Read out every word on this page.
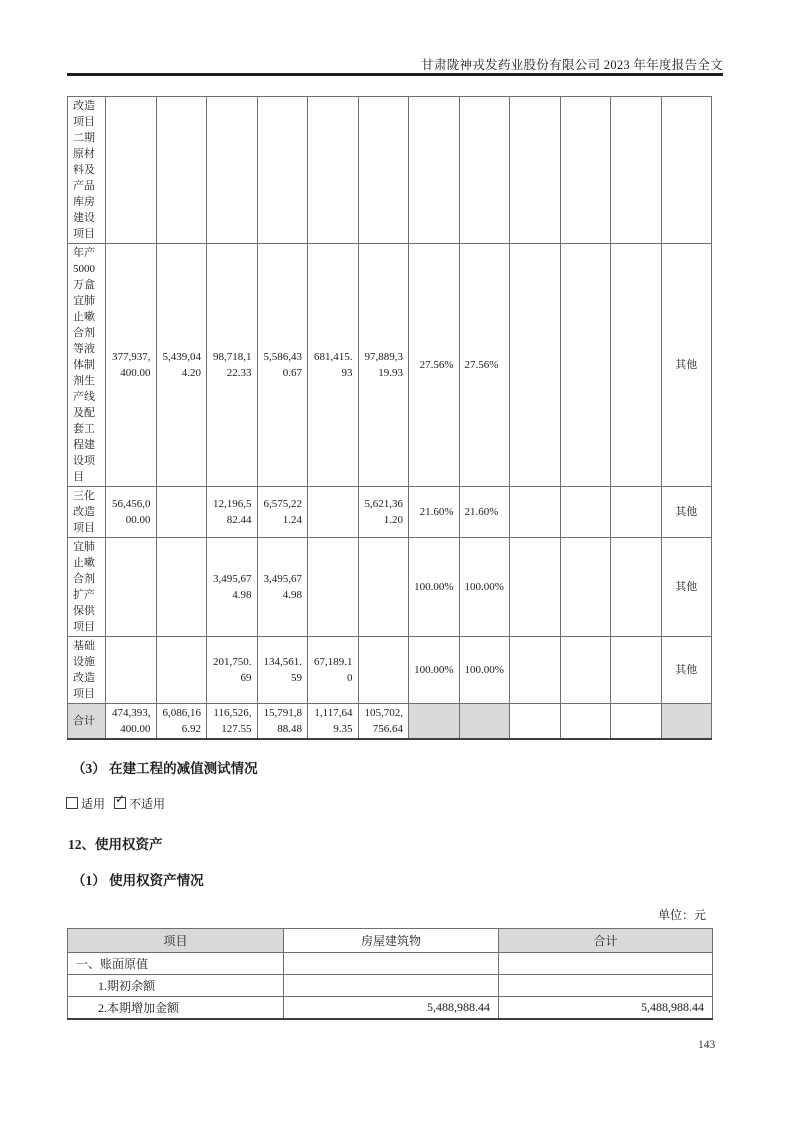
甘肃陇神戎发药业股份有限公司 2023 年年度报告全文
改造项目二期原材料及产品库房建设项目												
年产5000万盒宜肺止嗽合剂等液体制剂生产线及配套工程建设项目	377,937,400.00	5,439,044.20	98,718,122.33	5,586,430.67	681,415.93	97,889,319.93	27.56%	27.56%				其他
三化改造项目	56,456,000.00		12,196,582.44	6,575,221.24		5,621,361.20	21.60%	21.60%				其他
宜肺止嗽合剂扩产保供项目			3,495,674.98	3,495,674.98			100.00%	100.00%				其他
基础设施改造项目			201,750.69	134,561.59	67,189.10		100.00%	100.00%				其他
合计	474,393,400.00	6,086,166.92	116,526,127.55	15,791,888.48	1,117,649.35	105,702,756.64						
（3） 在建工程的减值测试情况
适用 ✓ 不适用
12、使用权资产
（1） 使用权资产情况
单位：元
项目	房屋建筑物	合计
一、账面原值		
1.期初余额		
2.本期增加金额	5,488,988.44	5,488,988.44
143
